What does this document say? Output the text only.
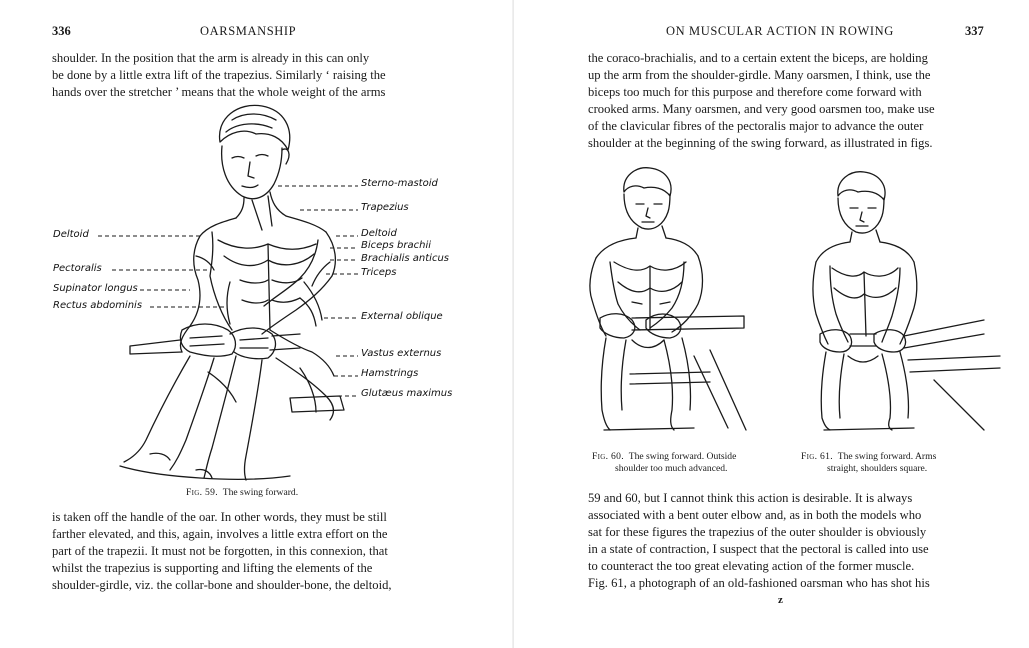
336	OARSMANSHIP
shoulder. In the position that the arm is already in this can only
be done by a little extra lift of the trapezius. Similarly ‘ raising the
hands over the stretcher ’ means that the whole weight of the arms
Deltoid
Pectoralis
Supinator longus
Rectus abdominis
Sterno-mastoid
Trapezius
Deltoid
Biceps brachii
Brachialis anticus
Triceps
External oblique
Vastus externus
Hamstrings
Glutæus maximus
Fig. 59. The swing forward.
is taken off the handle of the oar. In other words, they must be still
farther elevated, and this, again, involves a little extra effort on the
part of the trapezii. It must not be forgotten, in this connexion, that
whilst the trapezius is supporting and lifting the elements of the
shoulder-girdle, viz. the collar-bone and shoulder-bone, the deltoid,
ON MUSCULAR ACTION IN ROWING	337
the coraco-brachialis, and to a certain extent the biceps, are holding
up the arm from the shoulder-girdle. Many oarsmen, I think, use the
biceps too much for this purpose and therefore come forward with
crooked arms. Many oarsmen, and very good oarsmen too, make use
of the clavicular fibres of the pectoralis major to advance the outer
shoulder at the beginning of the swing forward, as illustrated in figs.
Fig. 60. The swing forward. Outside
shoulder too much advanced.
Fig. 61. The swing forward. Arms
straight, shoulders square.
59 and 60, but I cannot think this action is desirable. It is always
associated with a bent outer elbow and, as in both the models who
sat for these figures the trapezius of the outer shoulder is obviously
in a state of contraction, I suspect that the pectoral is called into use
to counteract the too great elevating action of the former muscle.
Fig. 61, a photograph of an old-fashioned oarsman who has shot his
z
